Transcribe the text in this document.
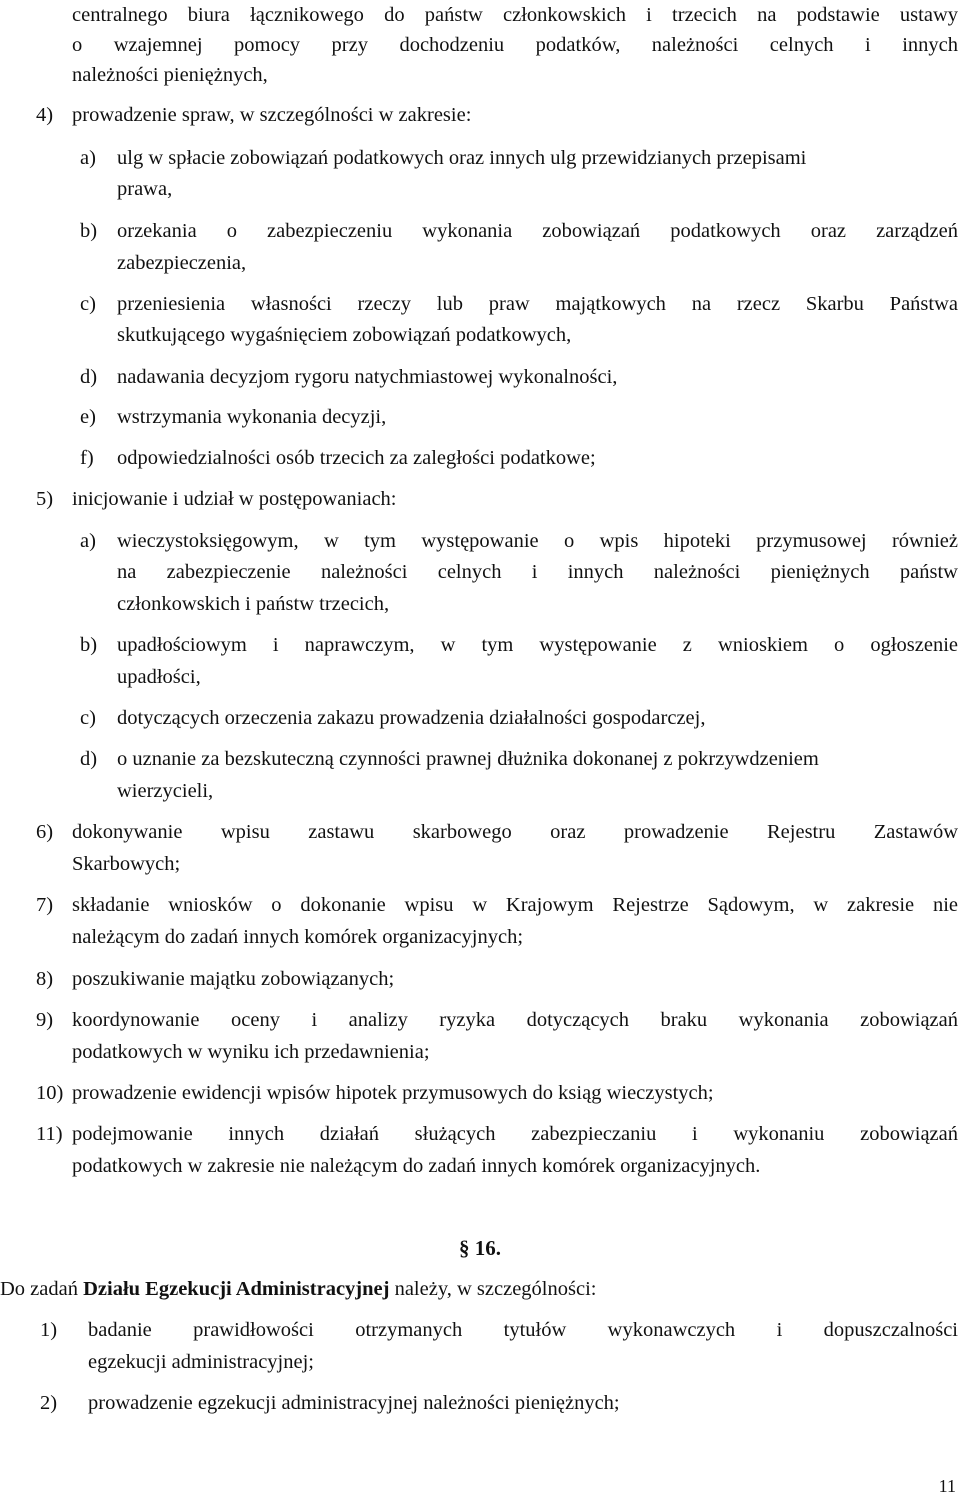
centralnego biura łącznikowego do państw członkowskich i trzecich na podstawie ustawy
o wzajemnej pomocy przy dochodzeniu podatków, należności celnych i innych
należności pieniężnych,
4) prowadzenie spraw, w szczególności w zakresie:
a) ulg w spłacie zobowiązań podatkowych oraz innych ulg przewidzianych przepisami
prawa,
b) orzekania o zabezpieczeniu wykonania zobowiązań podatkowych oraz zarządzeń
zabezpieczenia,
c) przeniesienia własności rzeczy lub praw majątkowych na rzecz Skarbu Państwa
skutkującego wygaśnięciem zobowiązań podatkowych,
d) nadawania decyzjom rygoru natychmiastowej wykonalności,
e) wstrzymania wykonania decyzji,
f) odpowiedzialności osób trzecich za zaległości podatkowe;
5) inicjowanie i udział w postępowaniach:
a) wieczystoksięgowym, w tym występowanie o wpis hipoteki przymusowej również
na zabezpieczenie należności celnych i innych należności pieniężnych państw
członkowskich i państw trzecich,
b) upadłościowym i naprawczym, w tym występowanie z wnioskiem o ogłoszenie
upadłości,
c) dotyczących orzeczenia zakazu prowadzenia działalności gospodarczej,
d) o uznanie za bezskuteczną czynności prawnej dłużnika dokonanej z pokrzywdzeniem
wierzycieli,
6) dokonywanie wpisu zastawu skarbowego oraz prowadzenie Rejestru Zastawów
Skarbowych;
7) składanie wniosków o dokonanie wpisu w Krajowym Rejestrze Sądowym, w zakresie nie
należącym do zadań innych komórek organizacyjnych;
8) poszukiwanie majątku zobowiązanych;
9) koordynowanie oceny i analizy ryzyka dotyczących braku wykonania zobowiązań
podatkowych w wyniku ich przedawnienia;
10) prowadzenie ewidencji wpisów hipotek przymusowych do ksiąg wieczystych;
11) podejmowanie innych działań służących zabezpieczaniu i wykonaniu zobowiązań
podatkowych w zakresie nie należącym do zadań innych komórek organizacyjnych.
§ 16.
Do zadań Działu Egzekucji Administracyjnej należy, w szczególności:
1) badanie prawidłowości otrzymanych tytułów wykonawczych i dopuszczalności
egzekucji administracyjnej;
2) prowadzenie egzekucji administracyjnej należności pieniężnych;
11
